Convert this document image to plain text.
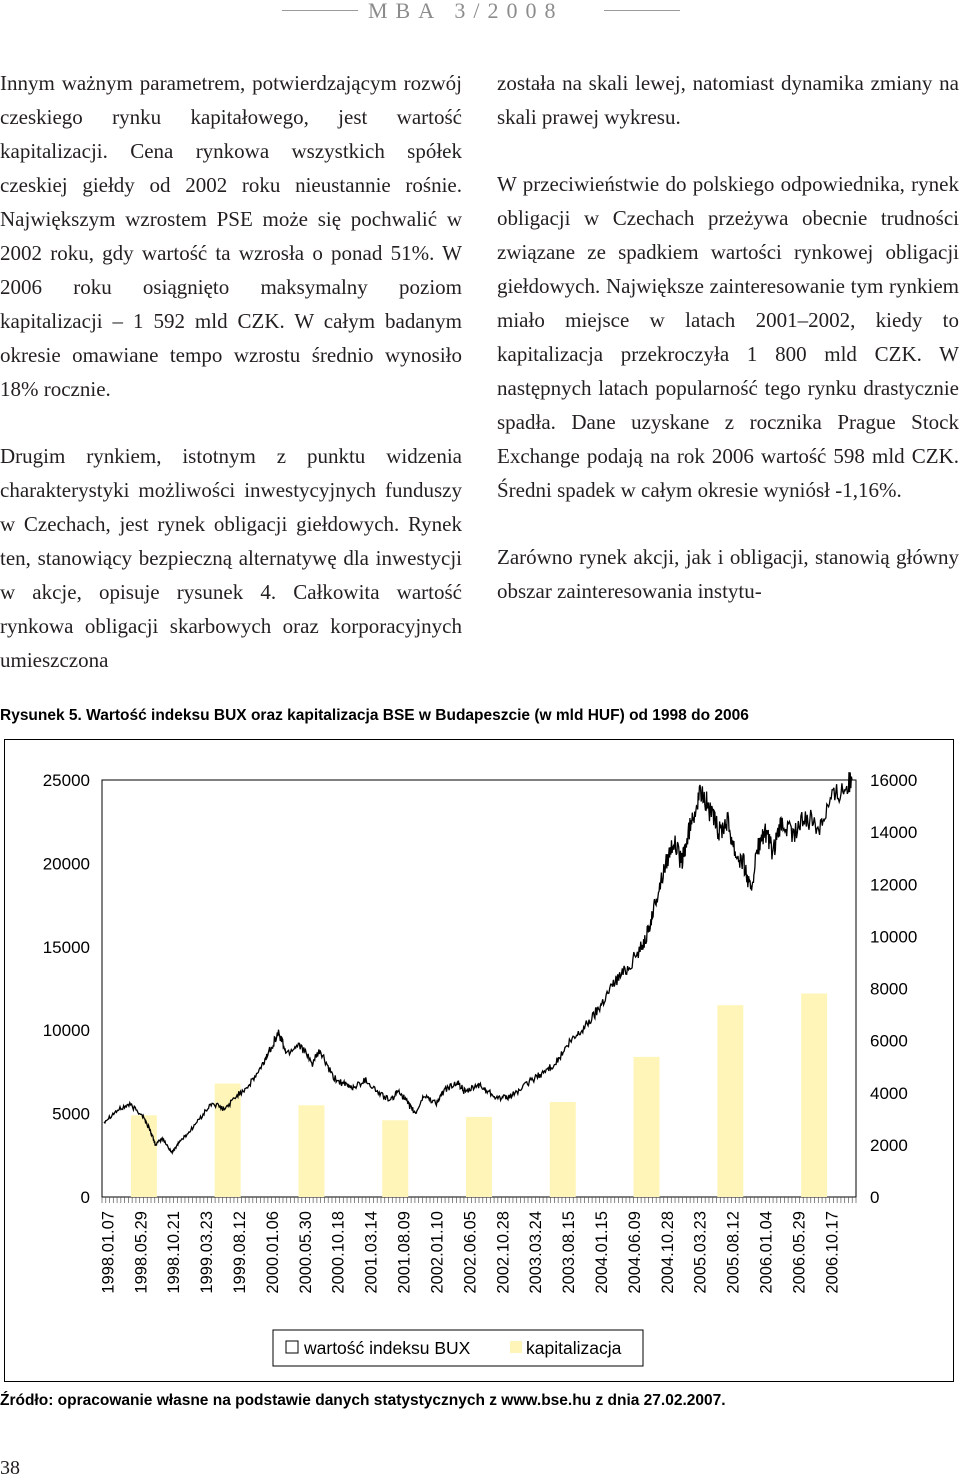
MBA 3/2008

Innym ważnym parametrem, potwierdzającym rozwój czeskiego rynku kapitałowego, jest wartość kapitalizacji. Cena rynkowa wszystkich spółek czeskiej giełdy od 2002 roku nieustannie rośnie. Największym wzrostem PSE może się pochwalić w 2002 roku, gdy wartość ta wzrosła o ponad 51%. W 2006 roku osiągnięto maksymalny poziom kapitalizacji – 1 592 mld CZK. W całym badanym okresie omawiane tempo wzrostu średnio wynosiło 18% rocznie.

Drugim rynkiem, istotnym z punktu widzenia charakterystyki możliwości inwestycyjnych funduszy w Czechach, jest rynek obligacji giełdowych. Rynek ten, stanowiący bezpieczną alternatywę dla inwestycji w akcje, opisuje rysunek 4. Całkowita wartość rynkowa obligacji skarbowych oraz korporacyjnych umieszczona

została na skali lewej, natomiast dynamika zmiany na skali prawej wykresu.

W przeciwieństwie do polskiego odpowiednika, rynek obligacji w Czechach przeżywa obecnie trudności związane ze spadkiem wartości rynkowej obligacji giełdowych. Największe zainteresowanie tym rynkiem miało miejsce w latach 2001–2002, kiedy to kapitalizacja przekroczyła 1 800 mld CZK. W następnych latach popularność tego rynku drastycznie spadła. Dane uzyskane z rocznika Prague Stock Exchange podają na rok 2006 wartość 598 mld CZK. Średni spadek w całym okresie wyniósł -1,16%.

Zarówno rynek akcji, jak i obligacji, stanowią główny obszar zainteresowania instytu-

Rysunek 5. Wartość indeksu BUX oraz kapitalizacja BSE w Budapeszcie (w mld HUF) od 1998 do 2006
0
5000
10000
15000
20000
25000
0
2000
4000
6000
8000
10000
12000
14000
16000
1998.01.07 1998.05.29 1998.10.21 1999.03.23 1999.08.12 2000.01.06 2000.05.30 2000.10.18 2001.03.14 2001.08.09 2002.01.10 2002.06.05 2002.10.28 2003.03.24 2003.08.15 2004.01.15 2004.06.09 2004.10.28 2005.03.23 2005.08.12 2006.01.04 2006.05.29 2006.10.17
wartość indeksu BUX	kapitalizacja
Źródło: opracowanie własne na podstawie danych statystycznych z www.bse.hu z dnia 27.02.2007.
38
